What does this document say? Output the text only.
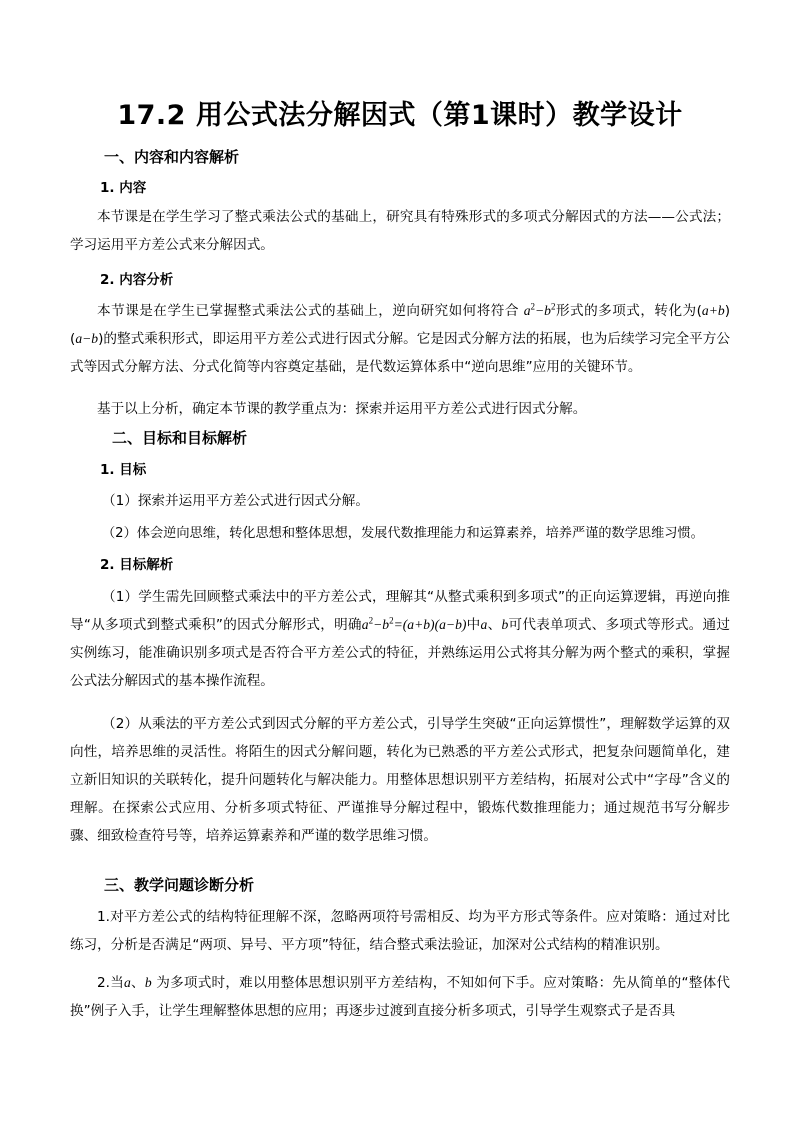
17.2 用公式法分解因式（第1课时）教学设计

一、内容和内容解析

1. 内容

本节课是在学生学习了整式乘法公式的基础上，研究具有特殊形式的多项式分解因式的方法——公式法；学习运用平方差公式来分解因式。

2. 内容分析

本节课是在学生已掌握整式乘法公式的基础上，逆向研究如何将符合 $a^2-b^2$形式的多项式，转化为(a+b)(a−b)的整式乘积形式，即运用平方差公式进行因式分解。它是因式分解方法的拓展，也为后续学习完全平方公式等因式分解方法、分式化简等内容奠定基础，是代数运算体系中“逆向思维”应用的关键环节。

基于以上分析，确定本节课的教学重点为：探索并运用平方差公式进行因式分解。

二、目标和目标解析

1. 目标

（1）探索并运用平方差公式进行因式分解。

（2）体会逆向思维，转化思想和整体思想，发展代数推理能力和运算素养，培养严谨的数学思维习惯。

2. 目标解析

（1）学生需先回顾整式乘法中的平方差公式，理解其“从整式乘积到多项式”的正向运算逻辑，再逆向推导“从多项式到整式乘积”的因式分解形式，明确$a^2-b^2=(a+b)(a-b)$中a、b可代表单项式、多项式等形式。通过实例练习，能准确识别多项式是否符合平方差公式的特征，并熟练运用公式将其分解为两个整式的乘积，掌握公式法分解因式的基本操作流程。

（2）从乘法的平方差公式到因式分解的平方差公式，引导学生突破“正向运算惯性”，理解数学运算的双向性，培养思维的灵活性。将陌生的因式分解问题，转化为已熟悉的平方差公式形式，把复杂问题简单化，建立新旧知识的关联转化，提升问题转化与解决能力。用整体思想识别平方差结构，拓展对公式中“字母”含义的理解。在探索公式应用、分析多项式特征、严谨推导分解过程中，锻炼代数推理能力；通过规范书写分解步骤、细致检查符号等，培养运算素养和严谨的数学思维习惯。

三、教学问题诊断分析

1.对平方差公式的结构特征理解不深，忽略两项符号需相反、均为平方形式等条件。应对策略：通过对比练习，分析是否满足“两项、异号、平方项”特征，结合整式乘法验证，加深对公式结构的精准识别。

2.当a、b 为多项式时，难以用整体思想识别平方差结构，不知如何下手。应对策略：先从简单的“整体代换”例子入手，让学生理解整体思想的应用；再逐步过渡到直接分析多项式，引导学生观察式子是否具
